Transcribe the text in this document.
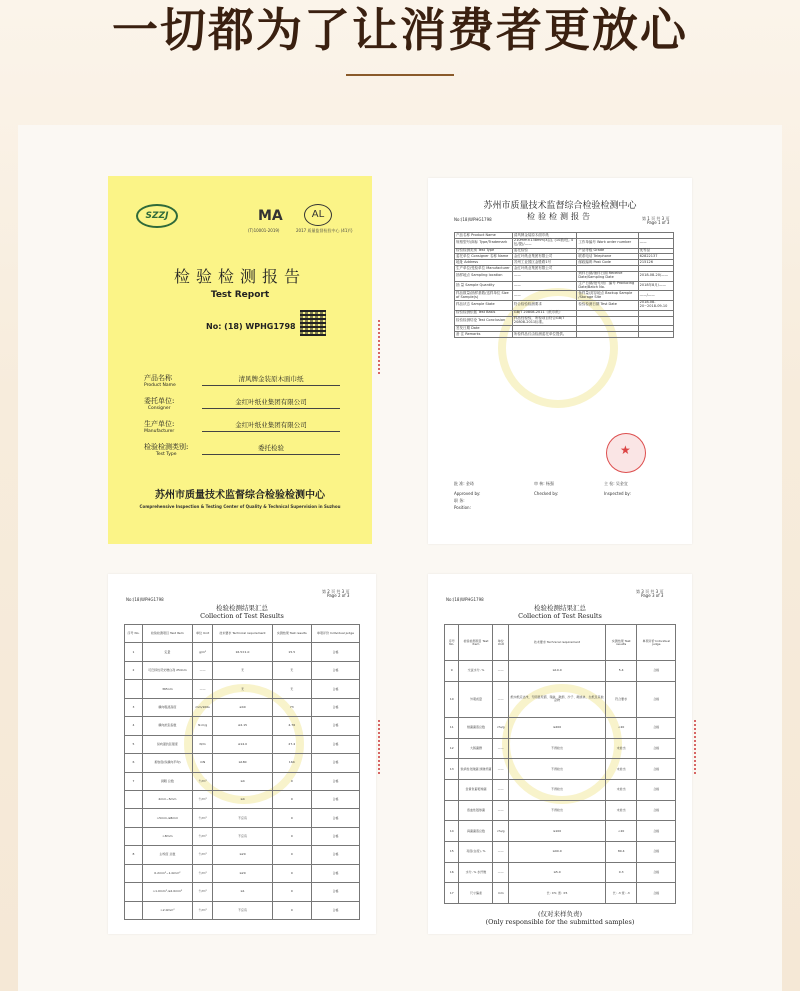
一切都为了让消费者更放心
SZZJ	MA	AL
(T)10001-2019)	2017 质量监督检验中心 (41)号
检验检测报告
Test Report
No: (18) WPHG1798
产品名称
Product Name
清风牌金装原木面巾纸
委托单位:
Consigner
金红叶纸业集团有限公司
生产单位:
Manufacturer
金红叶纸业集团有限公司
检验检测类别:
Test Type
委托检验
苏州市质量技术监督综合检验检测中心
Comprehensive Inspection & Testing Center of Quality & Technical Supervision in Suzhou
苏州市质量技术监督综合检验检测中心
检验检测报告
No:(18)WPHG1798	第 1 页 共 3 页
Page 1 of 3
产品名称 Product Name	清风牌金装原木面巾纸		
规格型号/商标 Type/Trademark	210mm×138mm(3层), (10抽/包, 4包/提)/——	工作单编号 Work order number	——
检验检测类别 Test Type	委托检验	产品等级 Grade	优等品
委托单位 Consigner 名称 Name	金红叶纸业集团有限公司	联系电话 Telephone	62822137
地址 Address	苏州工业园区金胜路1号	邮政编码 Post Code	215126
生产单位/受检单位 Manufacturer	金红叶纸业集团有限公司		
抽样地点 Sampling location	——	到样日期/抽样日期 Receive Date/Sampling Date	2018-08-20/——
抽 量 Sample Quantity	——	生产日期/批号/出厂编号 Producing Date/Batch No.	2018年8月/——
样品数量/抽样基数/送样单位 Size of Sample(s)	——	备样量/封存地点 Backup Sample /Storage Site	——/——
样品状态 Sample State	符合检验检测要求	检验检测日期 Test Date	2018-08-20~2018-09-10
检验检测依据 Test Basis	GB/T 20808-2011《纸巾纸》		
检验检测结论 Test Conclusion	样品经检验，所检项目符合GB/T 20808-2011标准。		
签发日期 Date			
备 注 Remarks	所检样品仅由检测委托单位提供。		
★
批 准: 金琦	审 核: 杨强	主 检: 吴金宜
Approved by:	Checked by:	Inspected by:
职 务:
Position:
No:(18)WPHG1798
第 2 页 共 3 页
Page 2 of 3
检验检测结果汇总
Collection of Test Results
序号 No.	检验检测项目 Test Item	单位 Unit	技术要求 Technical requirement	实测结果 Test results	单项评价 Individual judge
1	定量	g/m²	16.5±1.0	15.5	合格
2	可迁移性荧光增白剂 254nm	——	无	无	合格
	365nm	——	无	无	合格
3	横向吸液高度	mm/100s	≥40	73	合格
4	横向抗张指数	N·m/g	≥2.15	4.76	合格
5	纵向湿抗张强度	N/m	≥14.0	27.4	合格
6	柔软度(纵横向平均)	mN	≤180	164	合格
7	洞眼 总数	个/m²	≤4	0	合格
	2mm~5mm	个/m²	≤4	0	合格
	>5mm,≤8mm	个/m²	不应有	0	合格
	>8mm	个/m²	不应有	0	合格
8	尘埃度 总数	个/m²	≤20	0	合格
	0.2mm²~1.0mm²	个/m²	≤20	0	合格
	>1.0mm²,≤2.0mm²	个/m²	≤1	0	合格
	>2.0mm²	个/m²	不应有	0	合格
No:(18)WPHG1798
第 3 页 共 3 页
Page 3 of 3
检验检测结果汇总
Collection of Test Results
序号 No.	检验检测项目 Test Item	单位 Unit	技术要求 Technical requirement	实测结果 Test results	单项评价 Individual judge
9	交货水分, %	——	≤10.0	5.4	合格
10	外观质量	——	纸巾纸应洁净，无明显死褶、残缺、破损、沙子、硬质块、生纸及其他杂物	符合要求	合格
11	细菌菌落总数	cfu/g	≤200	<20	合格
12	大肠菌群	——	不得检出	未检出	合格
13	致病性化脓菌 绿脓杆菌	——	不得检出	未检出	合格
	金黄色葡萄球菌	——	不得检出	未检出	合格
	溶血性链球菌	——	不得检出	未检出	合格
14	真菌菌落总数	cfu/g	≤100	<20	合格
15	亮度(白度), %	——	≤90.0	80.4	合格
16	水分, % 水纤维	——	≤5.0	0.3	合格
17	尺寸偏差	mm	长: ±5; 宽: ±5	长: -3 宽: -3	合格
(仅对来样负责)
(Only responsible for the submitted samples)
